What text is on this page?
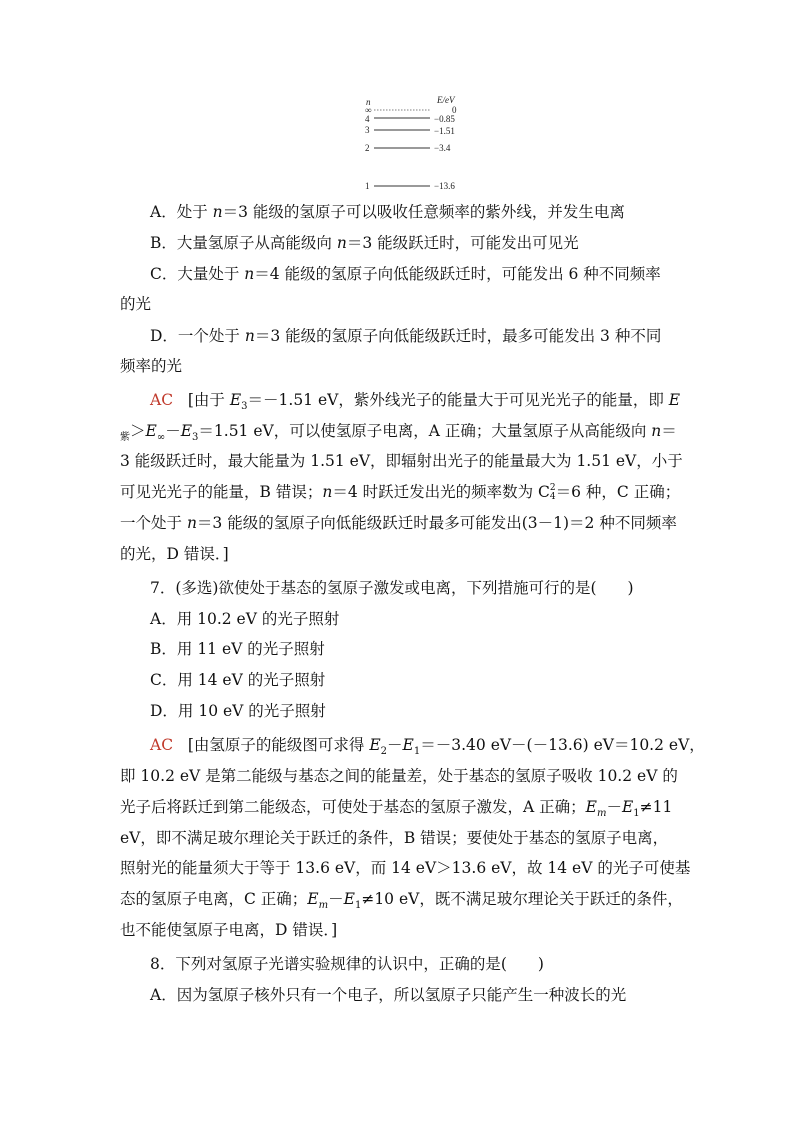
n	E/eV
∞	0
4	−0.85
3	−1.51
2	−3.4
1	−13.6
A．处于 n＝3 能级的氢原子可以吸收任意频率的紫外线，并发生电离
B．大量氢原子从高能级向 n＝3 能级跃迁时，可能发出可见光
C．大量处于 n＝4 能级的氢原子向低能级跃迁时，可能发出 6 种不同频率
的光
D．一个处于 n＝3 能级的氢原子向低能级跃迁时，最多可能发出 3 种不同
频率的光
AC [由于 $E_3=-1.51$ eV，紫外线光子的能量大于可见光光子的能量，即 E
$_紫>E_\infty-E_3=1.51$ eV，可以使氢原子电离，A 正确；大量氢原子从高能级向 n＝
3 能级跃迁时，最大能量为 1.51 eV，即辐射出光子的能量最大为 1.51 eV，小于
可见光光子的能量，B 错误；n＝4 时跃迁发出光的频率数为 C 2
4 ＝6 种，C 正确；
一个处于 n＝3 能级的氢原子向低能级跃迁时最多可能发出(3－1)＝2 种不同频率
的光，D 错误．]
7．(多选)欲使处于基态的氢原子激发或电离，下列措施可行的是(　　)
A．用 10.2 eV 的光子照射
B．用 11 eV 的光子照射
C．用 14 eV 的光子照射
D．用 10 eV 的光子照射
AC [由氢原子的能级图可求得 $E_2-E_1=-3.40$ eV－(－13.6) eV＝10.2 eV，
即 10.2 eV 是第二能级与基态之间的能量差，处于基态的氢原子吸收 10.2 eV 的
光子后将跃迁到第二能级态，可使处于基态的氢原子激发，A 正确；$E_m-E_1\ne 11$
eV，即不满足玻尔理论关于跃迁的条件，B 错误；要使处于基态的氢原子电离，
照射光的能量须大于等于 13.6 eV，而 14 eV＞13.6 eV，故 14 eV 的光子可使基
态的氢原子电离，C 正确；$E_m-E_1\ne 10$ eV，既不满足玻尔理论关于跃迁的条件，
也不能使氢原子电离，D 错误．]
8．下列对氢原子光谱实验规律的认识中，正确的是(　　)
A．因为氢原子核外只有一个电子，所以氢原子只能产生一种波长的光
